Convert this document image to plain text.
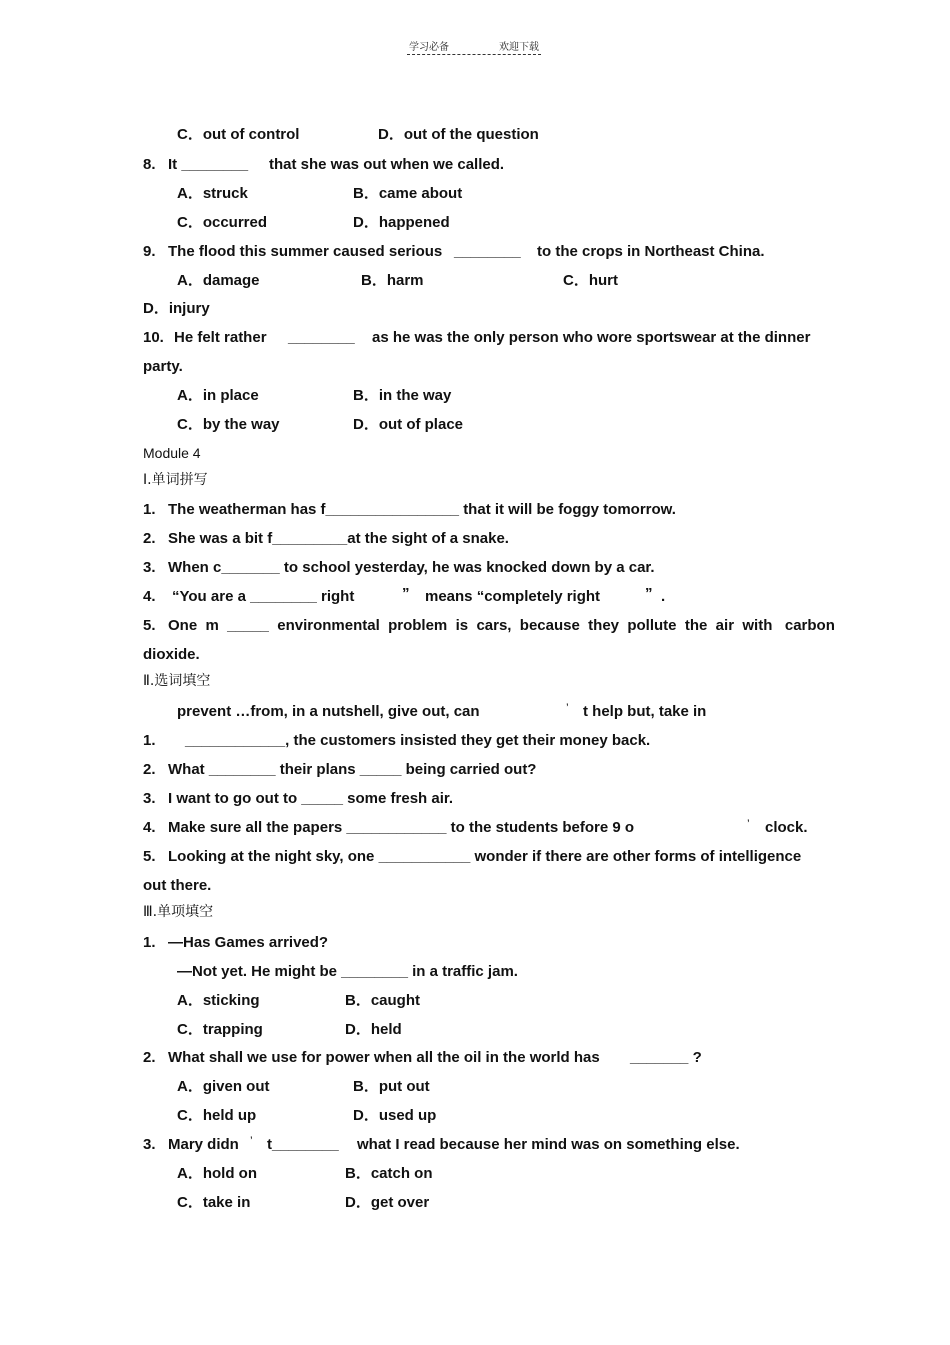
学习必备	欢迎下载
C．out of control	D．out of the question
8. It ________ that she was out when we called.
A．struck	B．came about
C．occurred	D．happened
9. The flood this summer caused serious ________ to the crops in Northeast China.
A．damage	B．harm	C．hurt
D．injury
10. He felt rather ________ as he was the only person who wore sportswear at the dinner
party.
A．in place	B．in the way
C．by the way	D．out of place
Module 4
Ⅰ.单词拼写
1. The weatherman has f________________ that it will be foggy tomorrow.
2. She was a bit f_________at the sight of a snake.
3. When c_______ to school yesterday, he was knocked down by a car.
4. “You are a ________ right	” means “completely right	” .
5. One  m  _____  environmental  problem  is  cars,  because  they  pollute  the  air  with   carbon
dioxide.
Ⅱ.选词填空
prevent …from, in a nutshell, give out, can	’ t help but, take in
1. ____________, the customers insisted they get their money back.
2. What ________ their plans _____ being carried out?
3. I want to go out to _____ some fresh air.
4. Make sure all the papers ____________ to the students before 9 o	’ clock.
5. Looking at the night sky, one ___________ wonder if there are other forms of intelligence
out there.
Ⅲ.单项填空
1. —Has Games arrived?
—Not yet. He might be ________ in a traffic jam.
A．sticking	B．caught
C．trapping	D．held
2. What shall we use for power when all the oil in the world has _______ ?
A．given out	B．put out
C．held up	D．used up
3. Mary didn ’ t________ what I read because her mind was on something else.
A．hold on	B．catch on
C．take in	D．get over
